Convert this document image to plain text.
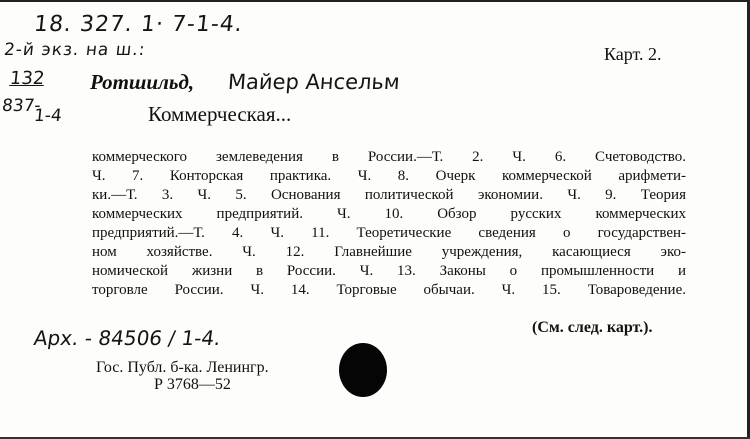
18. 327. 1· 7-1-4.
2-й экз. на ш.:
132
837-
1-4
Карт. 2.
Ротшильд, Майер Ансельм
Коммерческая...
коммерческого землеведения в России.—Т. 2. Ч. 6. Счетоводство.
Ч. 7. Конторская практика. Ч. 8. Очерк коммерческой арифмети-
ки.—Т. 3. Ч. 5. Основания политической экономии. Ч. 9. Теория
коммерческих предприятий. Ч. 10. Обзор русских коммерческих
предприятий.—Т. 4. Ч. 11. Теоретические сведения о государствен-
ном хозяйстве. Ч. 12. Главнейшие учреждения, касающиеся эко-
номической жизни в России. Ч. 13. Законы о промышленности и
торговле России. Ч. 14. Торговые обычаи. Ч. 15. Товароведение.
Арх. - 84506 / 1-4.	(См. след. карт.).
Гос. Публ. б-ка. Ленингр.
Р 3768—52
